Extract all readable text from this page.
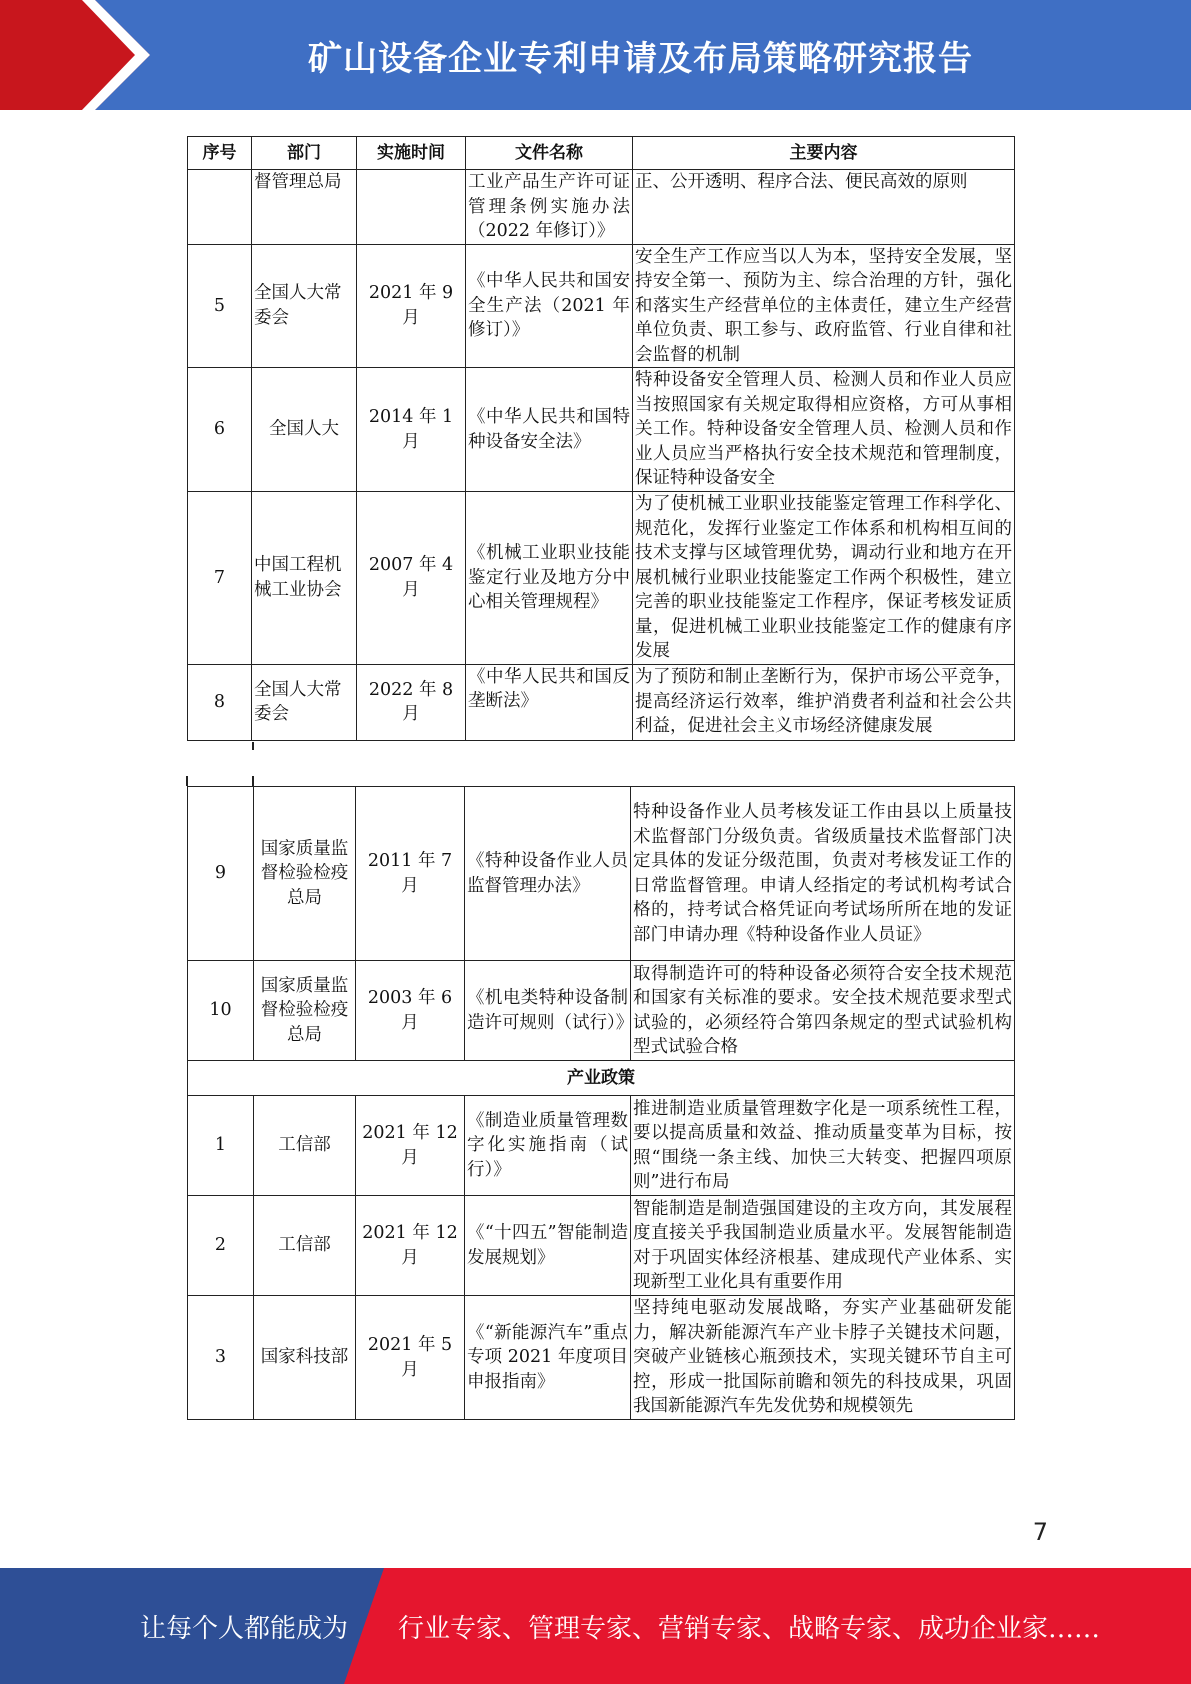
矿山设备企业专利申请及布局策略研究报告
序号	部门	实施时间	文件名称	主要内容
	督管理总局		工业产品生产许可证管理条例实施办法（2022 年修订）》	正、公开透明、程序合法、便民高效的原则
5	全国人大常委会	2021 年 9 月	《中华人民共和国安全生产法（2021 年修订）》	安全生产工作应当以人为本，坚持安全发展，坚持安全第一、预防为主、综合治理的方针，强化和落实生产经营单位的主体责任，建立生产经营单位负责、职工参与、政府监管、行业自律和社会监督的机制
6	全国人大	2014 年 1 月	《中华人民共和国特种设备安全法》	特种设备安全管理人员、检测人员和作业人员应当按照国家有关规定取得相应资格，方可从事相关工作。特种设备安全管理人员、检测人员和作业人员应当严格执行安全技术规范和管理制度，保证特种设备安全
7	中国工程机械工业协会	2007 年 4 月	《机械工业职业技能鉴定行业及地方分中心相关管理规程》	为了使机械工业职业技能鉴定管理工作科学化、规范化，发挥行业鉴定工作体系和机构相互间的技术支撑与区域管理优势，调动行业和地方在开展机械行业职业技能鉴定工作两个积极性，建立完善的职业技能鉴定工作程序，保证考核发证质量，促进机械工业职业技能鉴定工作的健康有序发展
8	全国人大常委会	2022 年 8 月	《中华人民共和国反垄断法》	为了预防和制止垄断行为，保护市场公平竞争，提高经济运行效率，维护消费者利益和社会公共利益，促进社会主义市场经济健康发展
9	国家质量监督检验检疫总局	2011 年 7 月	《特种设备作业人员监督管理办法》	特种设备作业人员考核发证工作由县以上质量技术监督部门分级负责。省级质量技术监督部门决定具体的发证分级范围，负责对考核发证工作的日常监督管理。申请人经指定的考试机构考试合格的，持考试合格凭证向考试场所所在地的发证部门申请办理《特种设备作业人员证》
10	国家质量监督检验检疫总局	2003 年 6 月	《机电类特种设备制造许可规则（试行）》	取得制造许可的特种设备必须符合安全技术规范和国家有关标准的要求。安全技术规范要求型式试验的，必须经符合第四条规定的型式试验机构型式试验合格
产业政策				
1	工信部	2021 年 12 月	《制造业质量管理数字化实施指南（试行）》	推进制造业质量管理数字化是一项系统性工程，要以提高质量和效益、推动质量变革为目标，按照“围绕一条主线、加快三大转变、把握四项原则”进行布局
2	工信部	2021 年 12 月	《“十四五”智能制造发展规划》	智能制造是制造强国建设的主攻方向，其发展程度直接关乎我国制造业质量水平。发展智能制造对于巩固实体经济根基、建成现代产业体系、实现新型工业化具有重要作用
3	国家科技部	2021 年 5 月	《“新能源汽车”重点专项 2021 年度项目申报指南》	坚持纯电驱动发展战略，夯实产业基础研发能力，解决新能源汽车产业卡脖子关键技术问题，突破产业链核心瓶颈技术，实现关键环节自主可控，形成一批国际前瞻和领先的科技成果，巩固我国新能源汽车先发优势和规模领先
7
让每个人都能成为 行业专家、管理专家、营销专家、战略专家、成功企业家……
